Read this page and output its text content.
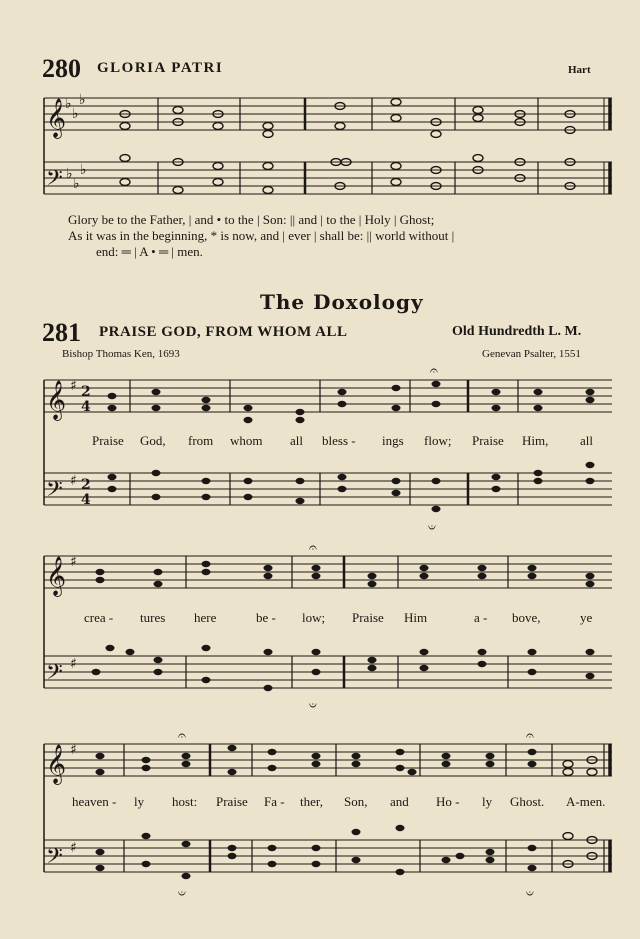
280 GLORIA PATRI	Hart
𝄞
𝄢
♭
♭
♭
♭
♭
♭
Glory be to the Father, | and • to the | Son: || and | to the | Holy | Ghost;
As it was in the beginning, * is now, and | ever | shall be: || world without |
end: ═ | A • ═ | men.
The Doxology
281 PRAISE GOD, FROM WHOM ALL	Old Hundredth L. M.
Bishop Thomas Ken, 1693	Genevan Psalter, 1551
𝄞
𝄢
♯
♯
2
4
2
4
𝄞
𝄢
♯
♯
𝄞
𝄢
♯
♯
𝄐
𝄑
𝄐
𝄑
𝄐
𝄑
𝄐
𝄑
Praise God, from whom all bless - ings flow; Praise Him, all
crea - tures here	be - low; Praise Him	a - bove,	ye
heaven - ly host: Praise Fa - ther, Son, and Ho - ly Ghost. A-men.
